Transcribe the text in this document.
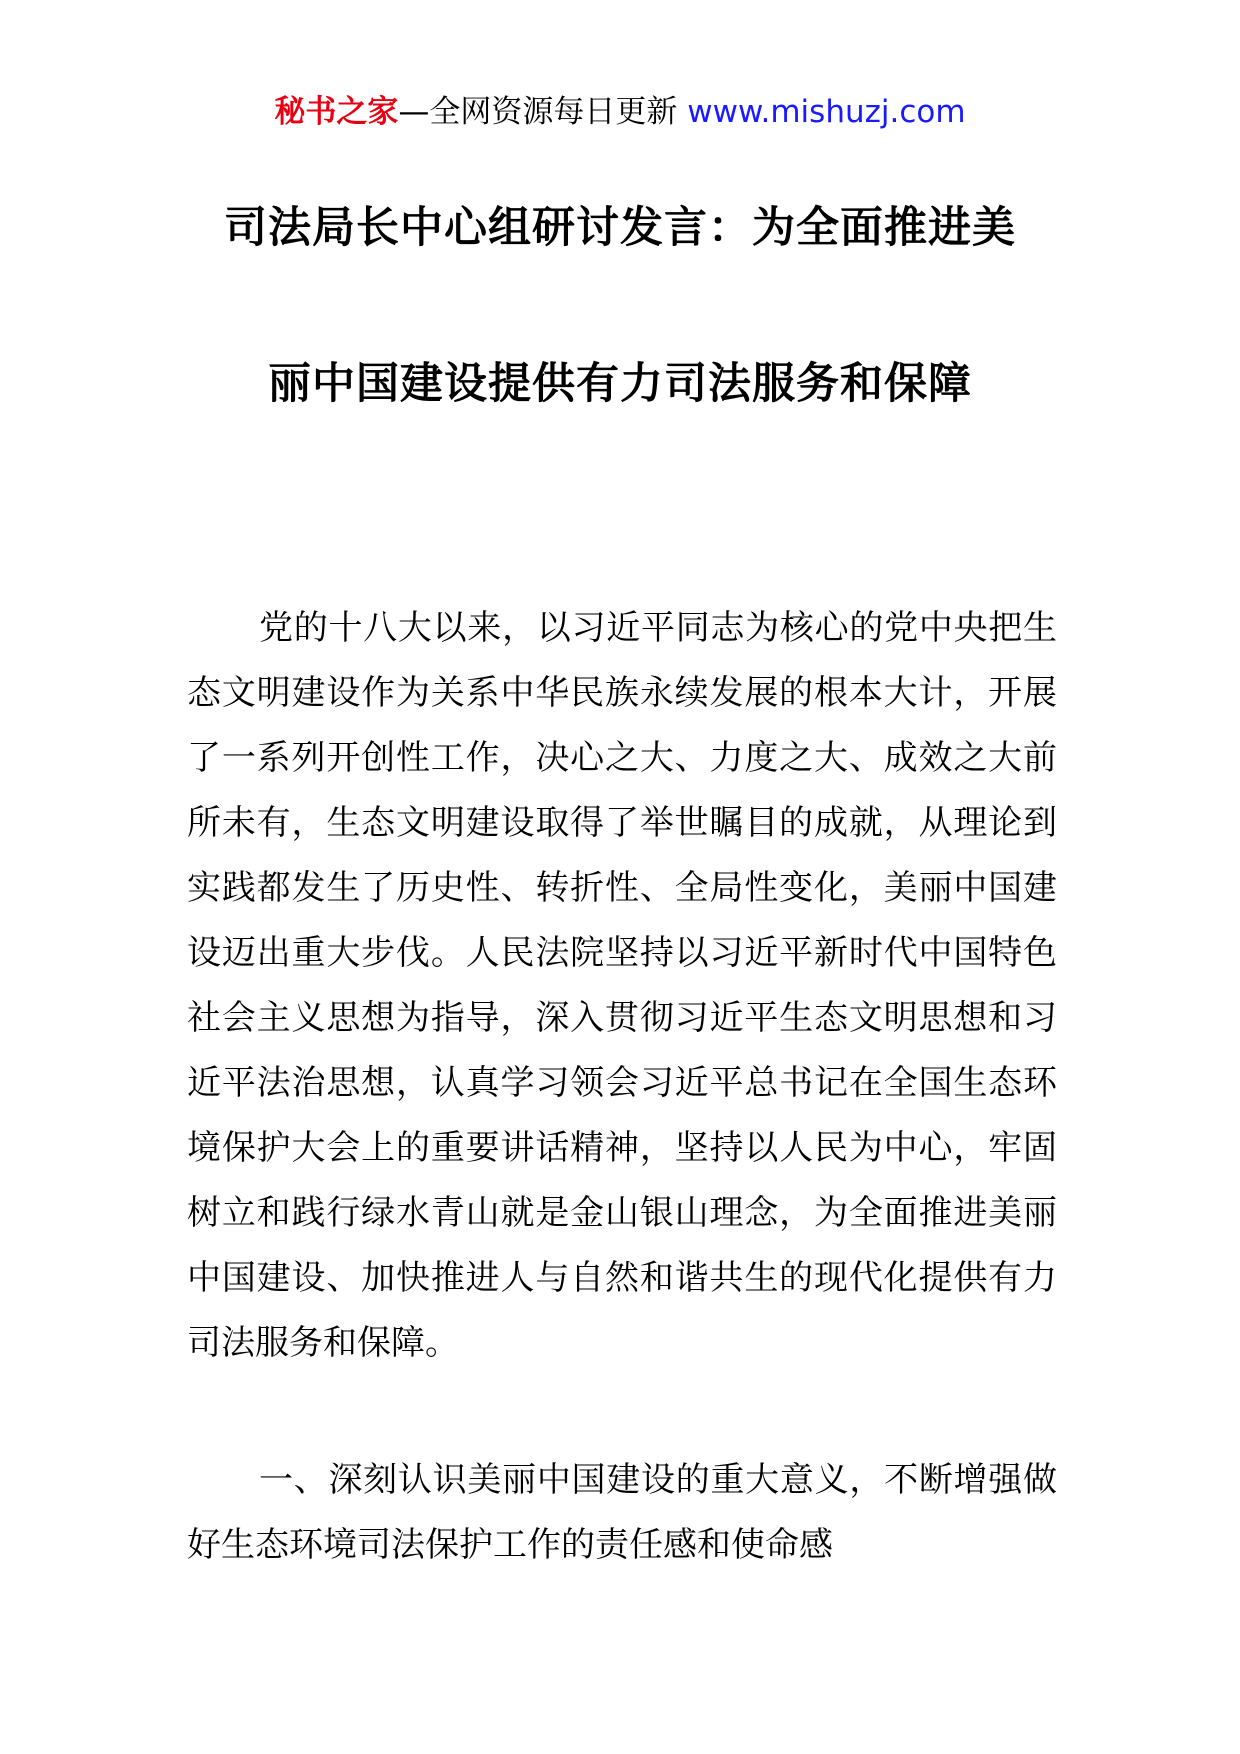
秘书之家—全网资源每日更新 www.mishuzj.com
司法局长中心组研讨发言：为全面推进美
丽中国建设提供有力司法服务和保障

党的十八大以来，以习近平同志为核心的党中央把生态文明建设作为关系中华民族永续发展的根本大计，开展了一系列开创性工作，决心之大、力度之大、成效之大前所未有，生态文明建设取得了举世瞩目的成就，从理论到实践都发生了历史性、转折性、全局性变化，美丽中国建设迈出重大步伐。人民法院坚持以习近平新时代中国特色社会主义思想为指导，深入贯彻习近平生态文明思想和习近平法治思想，认真学习领会习近平总书记在全国生态环境保护大会上的重要讲话精神，坚持以人民为中心，牢固树立和践行绿水青山就是金山银山理念，为全面推进美丽中国建设、加快推进人与自然和谐共生的现代化提供有力司法服务和保障。

一、深刻认识美丽中国建设的重大意义，不断增强做好生态环境司法保护工作的责任感和使命感
